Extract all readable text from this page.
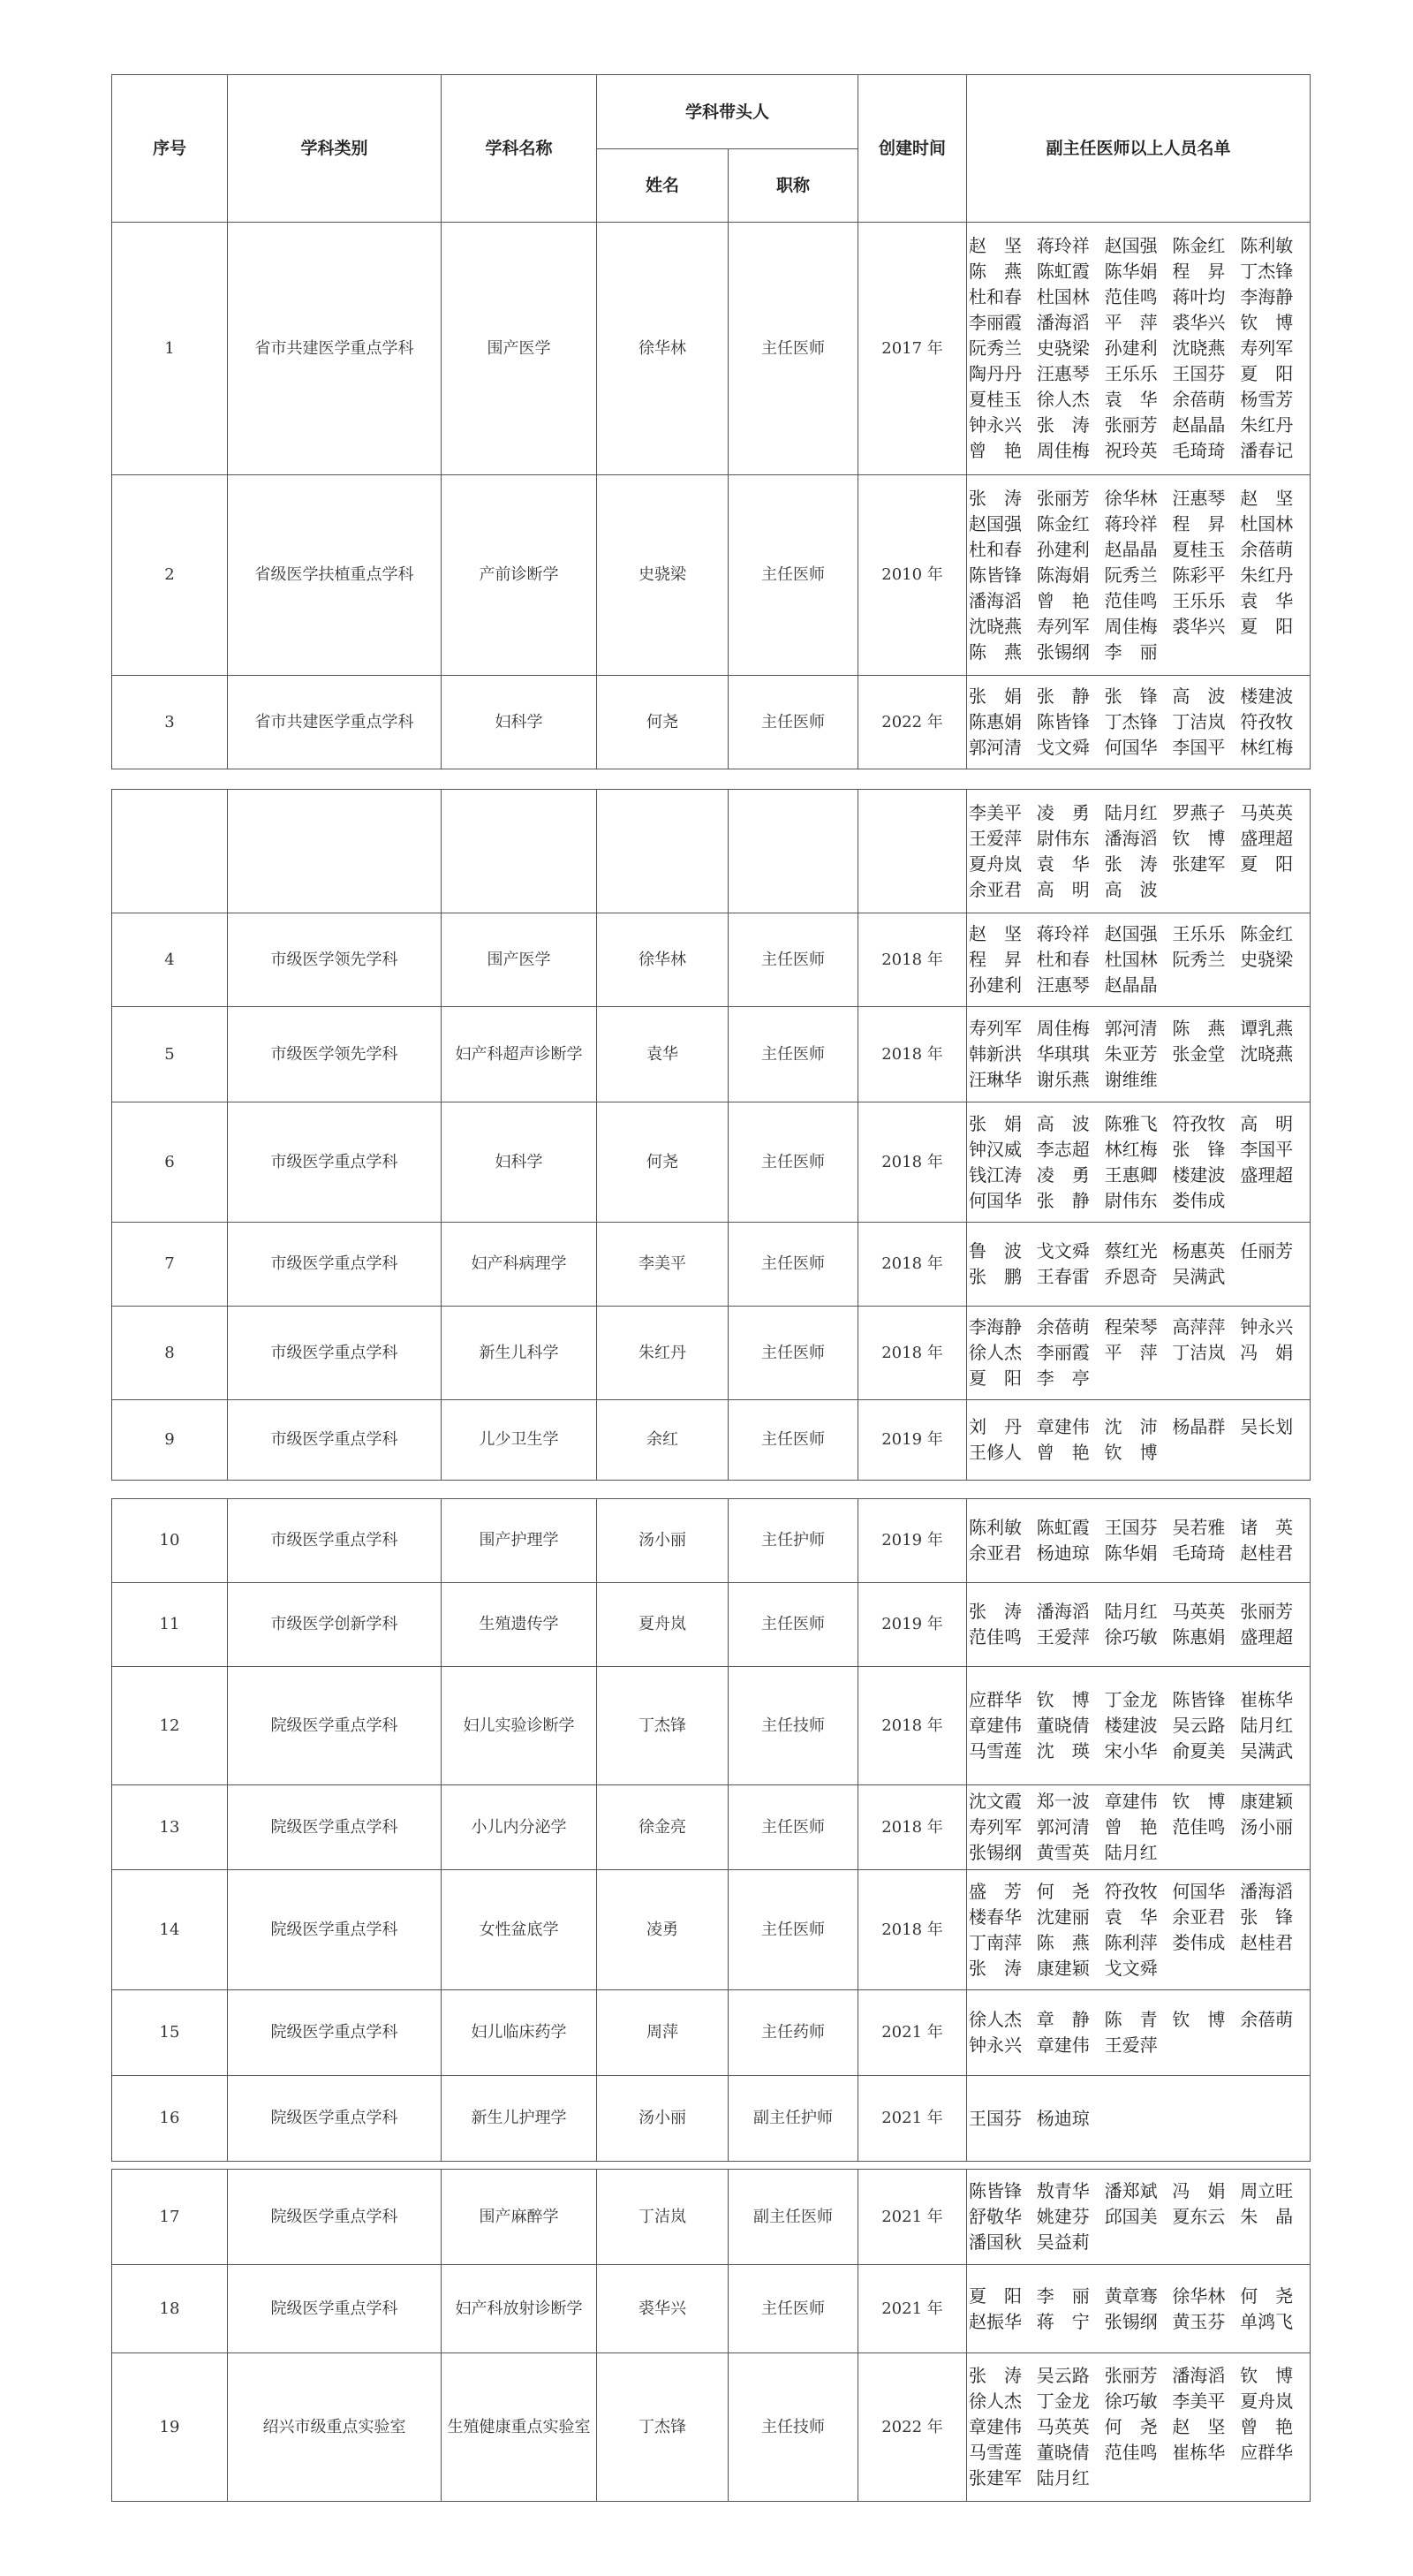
序号	学科类别	学科名称	学科带头人		创建时间	副主任医师以上人员名单
			姓名	职称		
1	省市共建医学重点学科	围产医学	徐华林	主任医师	2017 年	赵坚蒋玲祥 赵国强 陈金红 陈利敏陈燕陈虹霞 陈华娟 程昇丁杰锋杜和春 杜国林 范佳鸣 蒋叶均 李海静李丽霞 潘海滔 平萍裘华兴 钦博阮秀兰 史骁梁 孙建利 沈晓燕 寿列军陶丹丹 汪惠琴 王乐乐 王国芬 夏阳夏桂玉 徐人杰 袁华余蓓萌 杨雪芳钟永兴 张涛张丽芳 赵晶晶 朱红丹曾艳周佳梅 祝玲英 毛琦琦 潘春记
2	省级医学扶植重点学科	产前诊断学	史骁梁	主任医师	2010 年	张涛张丽芳 徐华林 汪惠琴 赵坚赵国强 陈金红 蒋玲祥 程昇杜国林杜和春 孙建利 赵晶晶 夏桂玉 余蓓萌陈皆锋 陈海娟 阮秀兰 陈彩平 朱红丹潘海滔 曾艳范佳鸣 王乐乐 袁华沈晓燕 寿列军 周佳梅 裘华兴 夏阳陈燕张锡纲 李丽
3	省市共建医学重点学科	妇科学	何尧	主任医师	2022 年	张娟张静张锋高波楼建波陈惠娟 陈皆锋 丁杰锋 丁洁岚 符孜牧郭河清 戈文舜 何国华 李国平 林红梅
						李美平 凌勇陆月红 罗燕子 马英英王爱萍 尉伟东 潘海滔 钦博盛理超夏舟岚 袁华张涛张建军 夏阳余亚君 高明高波
4	市级医学领先学科	围产医学	徐华林	主任医师	2018 年	赵坚蒋玲祥 赵国强 王乐乐 陈金红程昇杜和春 杜国林 阮秀兰 史骁梁孙建利 汪惠琴 赵晶晶
5	市级医学领先学科	妇产科超声诊断学	袁华	主任医师	2018 年	寿列军 周佳梅 郭河清 陈燕谭乳燕韩新洪 华琪琪 朱亚芳 张金堂 沈晓燕汪琳华 谢乐燕 谢维维
6	市级医学重点学科	妇科学	何尧	主任医师	2018 年	张娟高波陈雅飞 符孜牧 高明钟汉威 李志超 林红梅 张锋李国平钱江涛 凌勇王惠卿 楼建波 盛理超何国华 张静尉伟东 娄伟成
7	市级医学重点学科	妇产科病理学	李美平	主任医师	2018 年	鲁波戈文舜 蔡红光 杨惠英 任丽芳张鹏王春雷 乔恩奇 吴满武
8	市级医学重点学科	新生儿科学	朱红丹	主任医师	2018 年	李海静 余蓓萌 程荣琴 高萍萍 钟永兴徐人杰 李丽霞 平萍丁洁岚 冯娟夏阳李亭
9	市级医学重点学科	儿少卫生学	余红	主任医师	2019 年	刘丹章建伟 沈沛杨晶群 吴长划王修人 曾艳钦博
10	市级医学重点学科	围产护理学	汤小丽	主任护师	2019 年	陈利敏 陈虹霞 王国芬 吴若雅 诸英余亚君 杨迪琼 陈华娟 毛琦琦 赵桂君
11	市级医学创新学科	生殖遗传学	夏舟岚	主任医师	2019 年	张涛潘海滔 陆月红 马英英 张丽芳范佳鸣 王爱萍 徐巧敏 陈惠娟 盛理超
12	院级医学重点学科	妇儿实验诊断学	丁杰锋	主任技师	2018 年	应群华 钦博丁金龙 陈皆锋 崔栋华章建伟 董晓倩 楼建波 吴云路 陆月红马雪莲 沈瑛宋小华 俞夏美 吴满武
13	院级医学重点学科	小儿内分泌学	徐金亮	主任医师	2018 年	沈文霞 郑一波 章建伟 钦博康建颖寿列军 郭河清 曾艳范佳鸣 汤小丽张锡纲 黄雪英 陆月红
14	院级医学重点学科	女性盆底学	凌勇	主任医师	2018 年	盛芳何尧符孜牧 何国华 潘海滔楼春华 沈建丽 袁华余亚君 张锋丁南萍 陈燕陈利萍 娄伟成 赵桂君张涛康建颖 戈文舜
15	院级医学重点学科	妇儿临床药学	周萍	主任药师	2021 年	徐人杰 章静陈青钦博余蓓萌钟永兴 章建伟 王爱萍
16	院级医学重点学科	新生儿护理学	汤小丽	副主任护师	2021 年	王国芬 杨迪琼
17	院级医学重点学科	围产麻醉学	丁洁岚	副主任医师	2021 年	陈皆锋 敖青华 潘郑斌 冯娟周立旺舒敬华 姚建芬 邱国美 夏东云 朱晶潘国秋 吴益莉
18	院级医学重点学科	妇产科放射诊断学	裘华兴	主任医师	2021 年	夏阳李丽黄章骞 徐华林 何尧赵振华 蒋宁张锡纲 黄玉芬 单鸿飞
19	绍兴市级重点实验室	生殖健康重点实验室	丁杰锋	主任技师	2022 年	张涛吴云路 张丽芳 潘海滔 钦博徐人杰 丁金龙 徐巧敏 李美平 夏舟岚章建伟 马英英 何尧赵坚曾艳马雪莲 董晓倩 范佳鸣 崔栋华 应群华张建军 陆月红
